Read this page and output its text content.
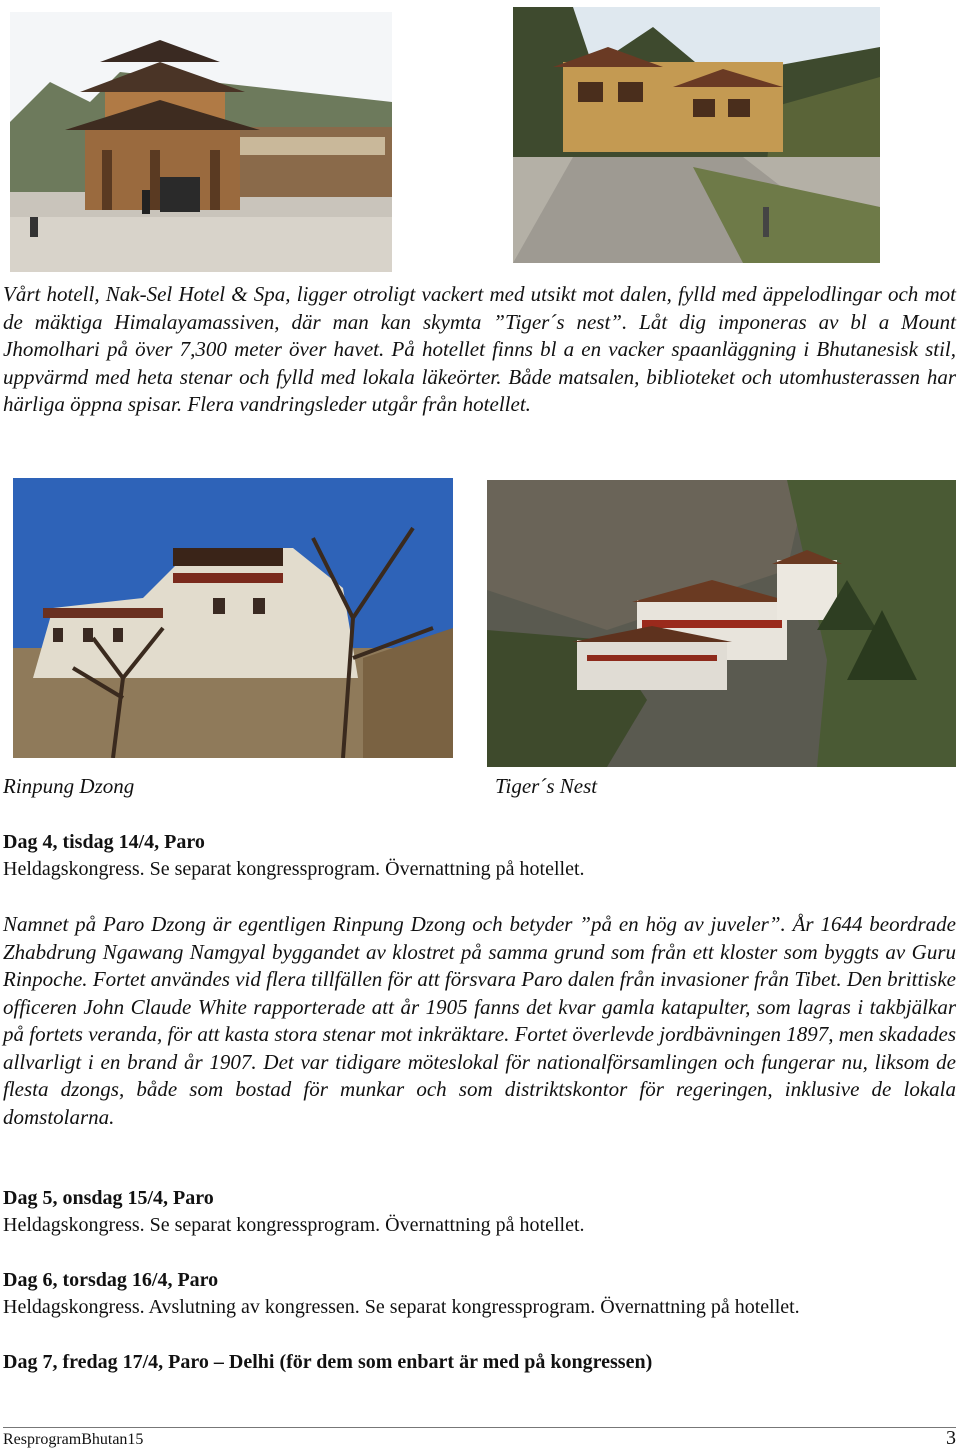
Vårt hotell, Nak-Sel Hotel & Spa, ligger otroligt vackert med utsikt mot dalen, fylld med äppelodlingar och mot de mäktiga Himalayamassiven, där man kan skymta ”Tiger´s nest”. Låt dig imponeras av bl a Mount Jhomolhari på över 7,300 meter över havet. På hotellet finns bl a en vacker spaanläggning i Bhutanesisk stil, uppvärmd med heta stenar och fylld med lokala läkeörter. Både matsalen, biblioteket och utomhusterassen har härliga öppna spisar. Flera vandringsleder utgår från hotellet.

Rinpung Dzong	Tiger´s Nest
Dag 4, tisdag 14/4, Paro
Heldagskongress. Se separat kongressprogram. Övernattning på hotellet.

Namnet på Paro Dzong är egentligen Rinpung Dzong och betyder ”på en hög av juveler”. År 1644 beordrade Zhabdrung Ngawang Namgyal byggandet av klostret på samma grund som från ett kloster som byggts av Guru Rinpoche. Fortet användes vid flera tillfällen för att försvara Paro dalen från invasioner från Tibet. Den brittiske officeren John Claude White rapporterade att år 1905 fanns det kvar gamla katapulter, som lagras i takbjälkar på fortets veranda, för att kasta stora stenar mot inkräktare. Fortet överlevde jordbävningen 1897, men skadades allvarligt i en brand år 1907. Det var tidigare möteslokal för nationalförsamlingen och fungerar nu, liksom de flesta dzongs, både som bostad för munkar och som distriktskontor för regeringen, inklusive de lokala domstolarna.

Dag 5, onsdag 15/4, Paro
Heldagskongress. Se separat kongressprogram. Övernattning på hotellet.
Dag 6, torsdag 16/4, Paro
Heldagskongress. Avslutning av kongressen. Se separat kongressprogram. Övernattning på hotellet.
Dag 7, fredag 17/4, Paro – Delhi (för dem som enbart är med på kongressen)
ResprogramBhutan15	3
